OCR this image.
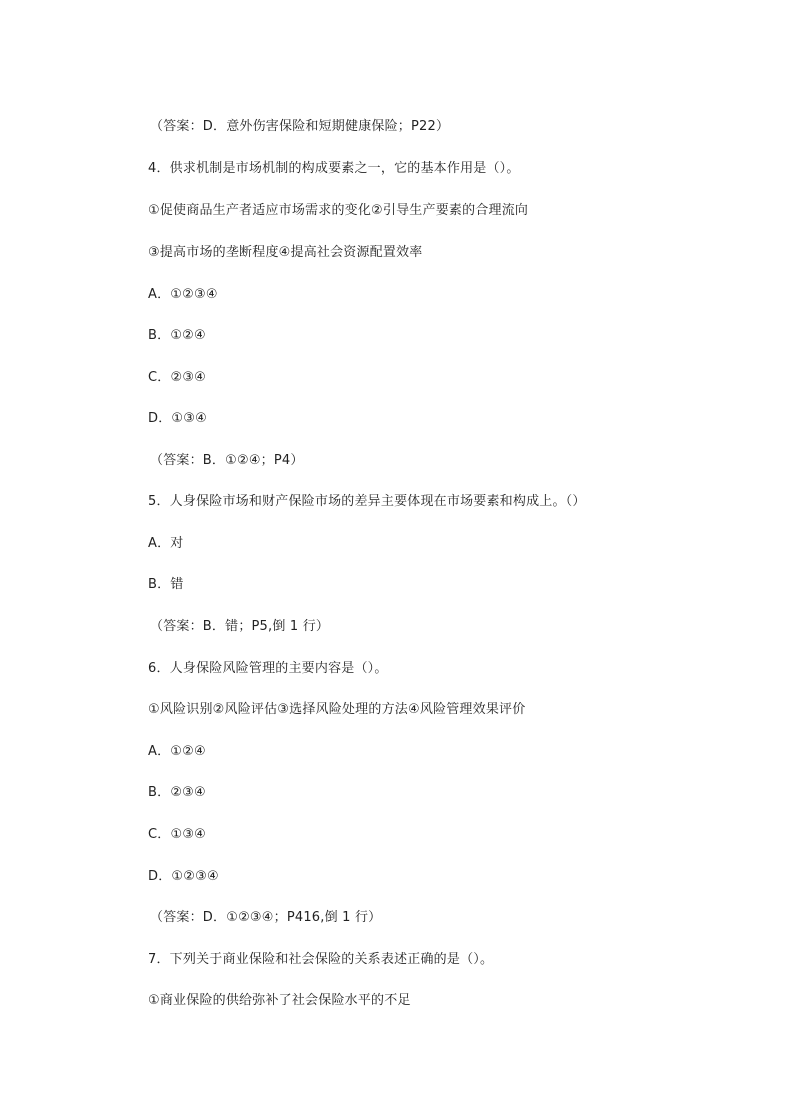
（答案：D．意外伤害保险和短期健康保险；P22）
4．供求机制是市场机制的构成要素之一，它的基本作用是（）。
①促使商品生产者适应市场需求的变化②引导生产要素的合理流向
③提高市场的垄断程度④提高社会资源配置效率
A．①②③④
B．①②④
C．②③④
D．①③④
（答案：B．①②④；P4）
5．人身保险市场和财产保险市场的差异主要体现在市场要素和构成上。（）
A．对
B．错
（答案：B．错；P5,倒 1 行）
6．人身保险风险管理的主要内容是（）。
①风险识别②风险评估③选择风险处理的方法④风险管理效果评价
A．①②④
B．②③④
C．①③④
D．①②③④
（答案：D．①②③④；P416,倒 1 行）
7．下列关于商业保险和社会保险的关系表述正确的是（）。
①商业保险的供给弥补了社会保险水平的不足
